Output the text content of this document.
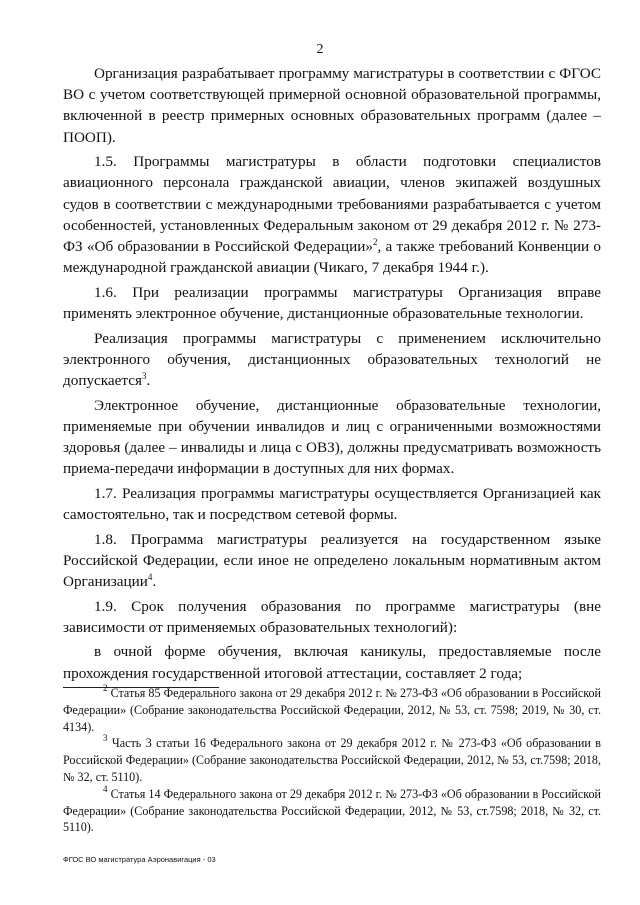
2

Организация разрабатывает программу магистратуры в соответствии с ФГОС ВО с учетом соответствующей примерной основной образовательной программы, включенной в реестр примерных основных образовательных программ (далее – ПООП).

1.5. Программы магистратуры в области подготовки специалистов авиационного персонала гражданской авиации, членов экипажей воздушных судов в соответствии с международными требованиями разрабатывается с учетом особенностей, установленных Федеральным законом от 29 декабря 2012 г. № 273-ФЗ «Об образовании в Российской Федерации»$^2$, а также требований Конвенции о международной гражданской авиации (Чикаго, 7 декабря 1944 г.).

1.6. При реализации программы магистратуры Организация вправе применять электронное обучение, дистанционные образовательные технологии.

Реализация программы магистратуры с применением исключительно электронного обучения, дистанционных образовательных технологий не допускается$^3$.

Электронное обучение, дистанционные образовательные технологии, применяемые при обучении инвалидов и лиц с ограниченными возможностями здоровья (далее – инвалиды и лица с ОВЗ), должны предусматривать возможность приема-передачи информации в доступных для них формах.

1.7. Реализация программы магистратуры осуществляется Организацией как самостоятельно, так и посредством сетевой формы.

1.8. Программа магистратуры реализуется на государственном языке Российской Федерации, если иное не определено локальным нормативным актом Организации$^4$.

1.9. Срок получения образования по программе магистратуры (вне зависимости от применяемых образовательных технологий):

в очной форме обучения, включая каникулы, предоставляемые после прохождения государственной итоговой аттестации, составляет 2 года;

$^2$ Статья 85 Федерального закона от 29 декабря 2012 г. № 273-ФЗ «Об образовании в Российской Федерации» (Собрание законодательства Российской Федерации, 2012, № 53, ст. 7598; 2019, № 30, ст. 4134).

$^3$ Часть 3 статьи 16 Федерального закона от 29 декабря 2012 г. № 273-ФЗ «Об образовании в Российской Федерации» (Собрание законодательства Российской Федерации, 2012, № 53, ст.7598; 2018, № 32, ст. 5110).

$^4$ Статья 14 Федерального закона от 29 декабря 2012 г. № 273-ФЗ «Об образовании в Российской Федерации» (Собрание законодательства Российской Федерации, 2012, № 53, ст.7598; 2018, № 32, ст. 5110).

ФГОС ВО магистратура Аэронавигация - 03
